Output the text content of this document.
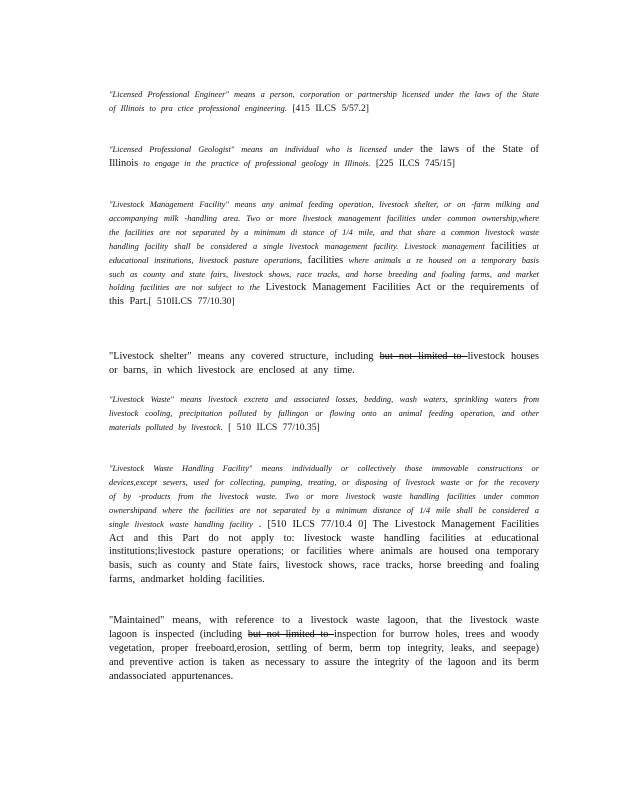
"Licensed Professional Engineer" means a person, corporation or partnership licensed under the laws of the State of Illinois to pra ctice professional engineering. [415 ILCS 5/57.2]

"Licensed Professional Geologist" means an individual who is licensed under the laws of the State of Illinois to engage in the practice of professional geology in Illinois. [225 ILCS 745/15]

"Livestock Management Facility" means any animal feeding operation, livestock shelter, or on -farm milking and accompanying milk -handling area. Two or more livestock management facilities under common ownership,where the facilities are not separated by a minimum di stance of 1/4 mile, and that share a common livestock waste handling facility shall be considered a single livestock management facility. Livestock management facilities at educational institutions, livestock pasture operations, facilities where animals a re housed on a temporary basis such as county and state fairs, livestock shows, race tracks, and horse breeding and foaling farms, and market holding facilities are not subject to the Livestock Management Facilities Act or the requirements of this Part.[ 510ILCS 77/10.30]

"Livestock shelter" means any covered structure, including but not limited to livestock houses or barns, in which livestock are enclosed at any time.

"Livestock Waste" means livestock excreta and associated losses, bedding, wash waters, sprinkling waters from livestock cooling, precipitation polluted by fallingon or flowing onto an animal feeding operation, and other materials polluted by livestock. [ 510 ILCS 77/10.35]

"Livestock Waste Handling Facility" means individually or collectively those immovable constructions or devices,except sewers, used for collecting, pumping, treating, or disposing of livestock waste or for the recovery of by -products from the livestock waste. Two or more livestock waste handling facilities under common ownershipand where the facilities are not separated by a minimum distance of 1/4 mile shall be considered a single livestock waste handling facility . [510 ILCS 77/10.4 0] The Livestock Management Facilities Act and this Part do not apply to: livestock waste handling facilities at educational institutions;livestock pasture operations; or facilities where animals are housed ona temporary basis, such as county and State fairs, livestock shows, race tracks, horse breeding and foaling farms, andmarket holding facilities.

"Maintained" means, with reference to a livestock waste lagoon, that the livestock waste lagoon is inspected (including but not limited to inspection for burrow holes, trees and woody vegetation, proper freeboard,erosion, settling of berm, berm top integrity, leaks, and seepage) and preventive action is taken as necessary to assure the integrity of the lagoon and its berm andassociated appurtenances.
